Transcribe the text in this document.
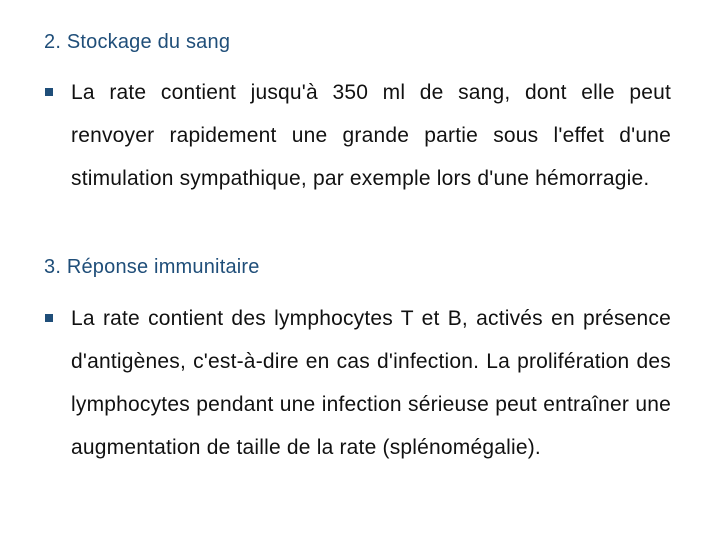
2. Stockage du sang

La rate contient jusqu'à 350 ml de sang, dont elle peut renvoyer rapidement une grande partie sous l'effet d'une stimulation sympathique, par exemple lors d'une hémorragie.

3. Réponse immunitaire

La rate contient des lymphocytes T et B, activés en présence d'antigènes, c'est-à-dire en cas d'infection. La prolifération des lymphocytes pendant une infection sérieuse peut entraîner une augmentation de taille de la rate (splénomégalie).
